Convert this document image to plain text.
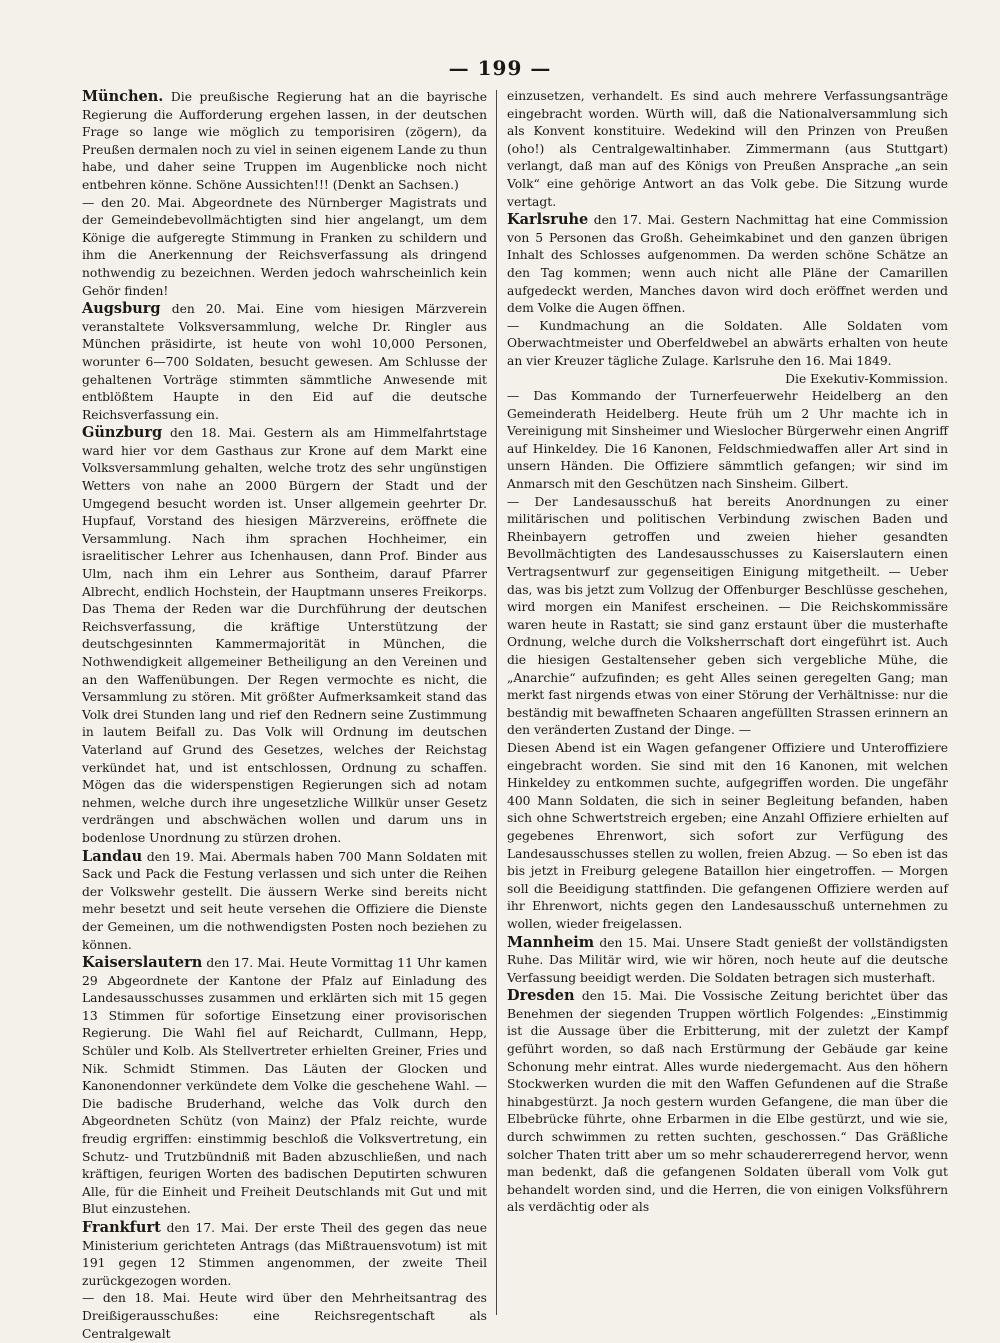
— 199 —

München. Die preußische Regierung hat an die bayrische Regierung die Aufforderung ergehen lassen, in der deutschen Frage so lange wie möglich zu temporisiren (zögern), da Preußen dermalen noch zu viel in seinen eigenem Lande zu thun habe, und daher seine Truppen im Augenblicke noch nicht entbehren könne. Schöne Aussichten!!! (Denkt an Sachsen.)

— den 20. Mai. Abgeordnete des Nürnberger Magistrats und der Gemeindebevollmächtigten sind hier angelangt, um dem Könige die aufgeregte Stimmung in Franken zu schildern und ihm die Anerkennung der Reichsverfassung als dringend nothwendig zu bezeichnen. Werden jedoch wahrscheinlich kein Gehör finden!

Augsburg den 20. Mai. Eine vom hiesigen Märzverein veranstaltete Volksversammlung, welche Dr. Ringler aus München präsidirte, ist heute von wohl 10,000 Personen, worunter 6—700 Soldaten, besucht gewesen. Am Schlusse der gehaltenen Vorträge stimmten sämmtliche Anwesende mit entblößtem Haupte in den Eid auf die deutsche Reichsverfassung ein.

Günzburg den 18. Mai. Gestern als am Himmelfahrtstage ward hier vor dem Gasthaus zur Krone auf dem Markt eine Volksversammlung gehalten, welche trotz des sehr ungünstigen Wetters von nahe an 2000 Bürgern der Stadt und der Umgegend besucht worden ist. Unser allgemein geehrter Dr. Hupfauf, Vorstand des hiesigen Märzvereins, eröffnete die Versammlung. Nach ihm sprachen Hochheimer, ein israelitischer Lehrer aus Ichenhausen, dann Prof. Binder aus Ulm, nach ihm ein Lehrer aus Sontheim, darauf Pfarrer Albrecht, endlich Hochstein, der Hauptmann unseres Freikorps. Das Thema der Reden war die Durchführung der deutschen Reichsverfassung, die kräftige Unterstützung der deutschgesinnten Kammermajorität in München, die Nothwendigkeit allgemeiner Betheiligung an den Vereinen und an den Waffenübungen. Der Regen vermochte es nicht, die Versammlung zu stören. Mit größter Aufmerksamkeit stand das Volk drei Stunden lang und rief den Rednern seine Zustimmung in lautem Beifall zu. Das Volk will Ordnung im deutschen Vaterland auf Grund des Gesetzes, welches der Reichstag verkündet hat, und ist entschlossen, Ordnung zu schaffen. Mögen das die widerspenstigen Regierungen sich ad notam nehmen, welche durch ihre ungesetzliche Willkür unser Gesetz verdrängen und abschwächen wollen und darum uns in bodenlose Unordnung zu stürzen drohen.

Landau den 19. Mai. Abermals haben 700 Mann Soldaten mit Sack und Pack die Festung verlassen und sich unter die Reihen der Volkswehr gestellt. Die äussern Werke sind bereits nicht mehr besetzt und seit heute versehen die Offiziere die Dienste der Gemeinen, um die nothwendigsten Posten noch beziehen zu können.

Kaiserslautern den 17. Mai. Heute Vormittag 11 Uhr kamen 29 Abgeordnete der Kantone der Pfalz auf Einladung des Landesausschusses zusammen und erklärten sich mit 15 gegen 13 Stimmen für sofortige Einsetzung einer provisorischen Regierung. Die Wahl fiel auf Reichardt, Cullmann, Hepp, Schüler und Kolb. Als Stellvertreter erhielten Greiner, Fries und Nik. Schmidt Stimmen. Das Läuten der Glocken und Kanonendonner verkündete dem Volke die geschehene Wahl. — Die badische Bruderhand, welche das Volk durch den Abgeordneten Schütz (von Mainz) der Pfalz reichte, wurde freudig ergriffen: einstimmig beschloß die Volksvertretung, ein Schutz- und Trutzbündniß mit Baden abzuschließen, und nach kräftigen, feurigen Worten des badischen Deputirten schwuren Alle, für die Einheit und Freiheit Deutschlands mit Gut und mit Blut einzustehen.

Frankfurt den 17. Mai. Der erste Theil des gegen das neue Ministerium gerichteten Antrags (das Mißtrauensvotum) ist mit 191 gegen 12 Stimmen angenommen, der zweite Theil zurückgezogen worden.

— den 18. Mai. Heute wird über den Mehrheitsantrag des Dreißigerausschußes: eine Reichsregentschaft als Centralgewalt

einzusetzen, verhandelt. Es sind auch mehrere Verfassungsanträge eingebracht worden. Würth will, daß die Nationalversammlung sich als Konvent konstituire. Wedekind will den Prinzen von Preußen (oho!) als Centralgewaltinhaber. Zimmermann (aus Stuttgart) verlangt, daß man auf des Königs von Preußen Ansprache „an sein Volk“ eine gehörige Antwort an das Volk gebe. Die Sitzung wurde vertagt.

Karlsruhe den 17. Mai. Gestern Nachmittag hat eine Commission von 5 Personen das Großh. Geheimkabinet und den ganzen übrigen Inhalt des Schlosses aufgenommen. Da werden schöne Schätze an den Tag kommen; wenn auch nicht alle Pläne der Camarillen aufgedeckt werden, Manches davon wird doch eröffnet werden und dem Volke die Augen öffnen.

— Kundmachung an die Soldaten. Alle Soldaten vom Oberwachtmeister und Oberfeldwebel an abwärts erhalten von heute an vier Kreuzer tägliche Zulage. Karlsruhe den 16. Mai 1849.

Die Exekutiv-Kommission.

— Das Kommando der Turnerfeuerwehr Heidelberg an den Gemeinderath Heidelberg. Heute früh um 2 Uhr machte ich in Vereinigung mit Sinsheimer und Wieslocher Bürgerwehr einen Angriff auf Hinkeldey. Die 16 Kanonen, Feldschmiedwaffen aller Art sind in unsern Händen. Die Offiziere sämmtlich gefangen; wir sind im Anmarsch mit den Geschützen nach Sinsheim. Gilbert.

— Der Landesausschuß hat bereits Anordnungen zu einer militärischen und politischen Verbindung zwischen Baden und Rheinbayern getroffen und zweien hieher gesandten Bevollmächtigten des Landesausschusses zu Kaiserslautern einen Vertragsentwurf zur gegenseitigen Einigung mitgetheilt. — Ueber das, was bis jetzt zum Vollzug der Offenburger Beschlüsse geschehen, wird morgen ein Manifest erscheinen. — Die Reichskommissäre waren heute in Rastatt; sie sind ganz erstaunt über die musterhafte Ordnung, welche durch die Volksherrschaft dort eingeführt ist. Auch die hiesigen Gestaltenseher geben sich vergebliche Mühe, die „Anarchie“ aufzufinden; es geht Alles seinen geregelten Gang; man merkt fast nirgends etwas von einer Störung der Verhältnisse: nur die beständig mit bewaffneten Schaaren angefüllten Strassen erinnern an den veränderten Zustand der Dinge. —

Diesen Abend ist ein Wagen gefangener Offiziere und Unteroffiziere eingebracht worden. Sie sind mit den 16 Kanonen, mit welchen Hinkeldey zu entkommen suchte, aufgegriffen worden. Die ungefähr 400 Mann Soldaten, die sich in seiner Begleitung befanden, haben sich ohne Schwertstreich ergeben; eine Anzahl Offiziere erhielten auf gegebenes Ehrenwort, sich sofort zur Verfügung des Landesausschusses stellen zu wollen, freien Abzug. — So eben ist das bis jetzt in Freiburg gelegene Bataillon hier eingetroffen. — Morgen soll die Beeidigung stattfinden. Die gefangenen Offiziere werden auf ihr Ehrenwort, nichts gegen den Landesausschuß unternehmen zu wollen, wieder freigelassen.

Mannheim den 15. Mai. Unsere Stadt genießt der vollständigsten Ruhe. Das Militär wird, wie wir hören, noch heute auf die deutsche Verfassung beeidigt werden. Die Soldaten betragen sich musterhaft.

Dresden den 15. Mai. Die Vossische Zeitung berichtet über das Benehmen der siegenden Truppen wörtlich Folgendes: „Einstimmig ist die Aussage über die Erbitterung, mit der zuletzt der Kampf geführt worden, so daß nach Erstürmung der Gebäude gar keine Schonung mehr eintrat. Alles wurde niedergemacht. Aus den höhern Stockwerken wurden die mit den Waffen Gefundenen auf die Straße hinabgestürzt. Ja noch gestern wurden Gefangene, die man über die Elbebrücke führte, ohne Erbarmen in die Elbe gestürzt, und wie sie, durch schwimmen zu retten suchten, geschossen.“ Das Gräßliche solcher Thaten tritt aber um so mehr schaudererregend hervor, wenn man bedenkt, daß die gefangenen Soldaten überall vom Volk gut behandelt worden sind, und die Herren, die von einigen Volksführern als verdächtig oder als
